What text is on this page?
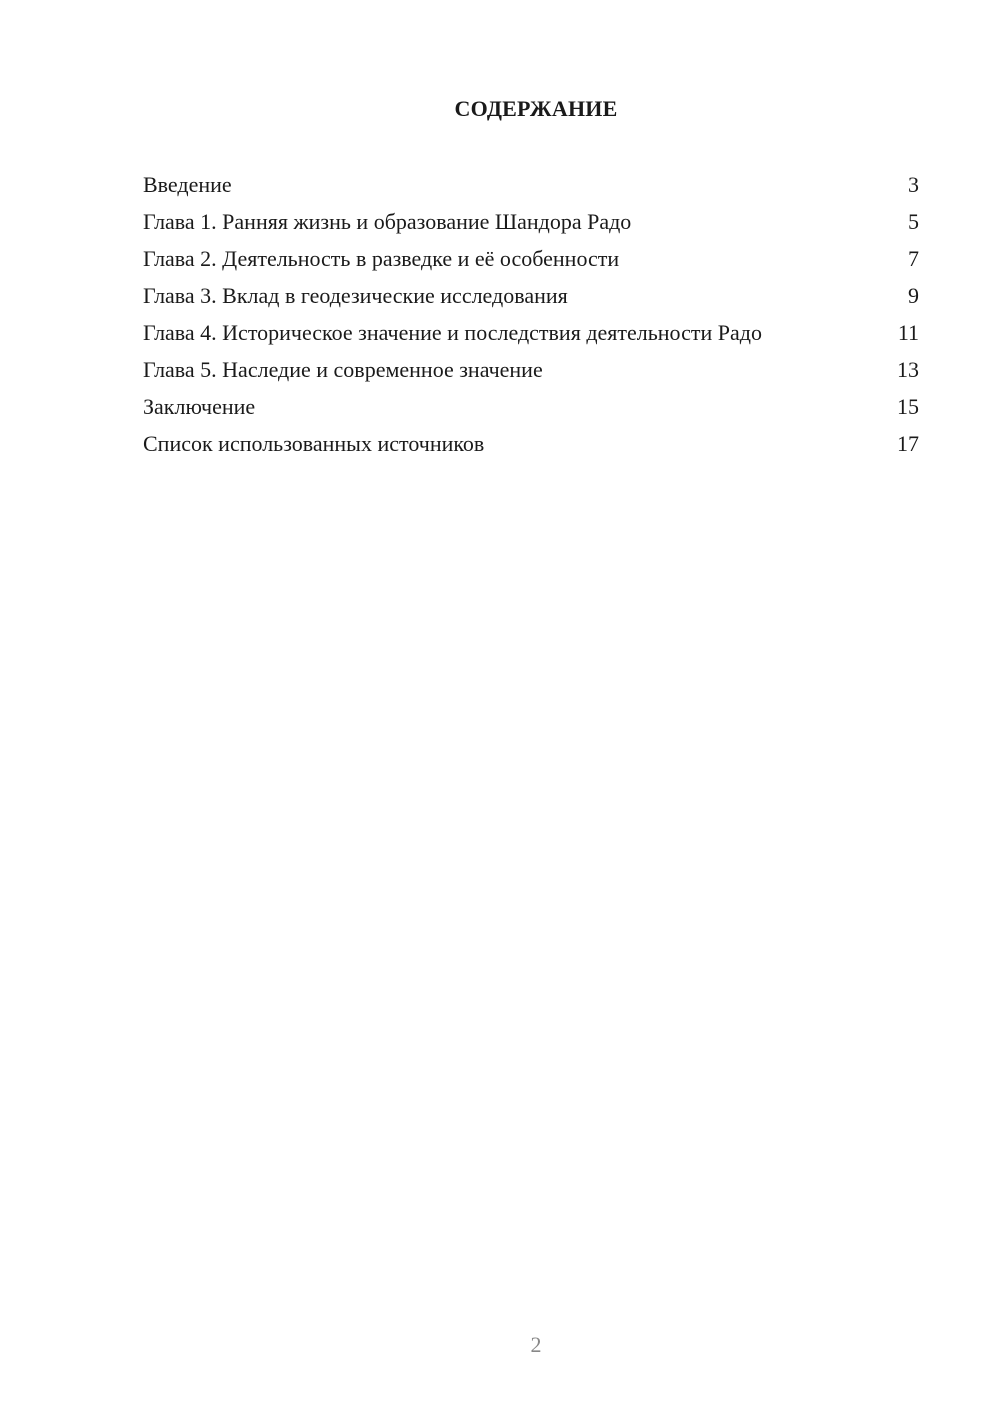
СОДЕРЖАНИЕ
Введение	3
Глава 1. Ранняя жизнь и образование Шандора Радо	5
Глава 2. Деятельность в разведке и её особенности	7
Глава 3. Вклад в геодезические исследования	9
Глава 4. Историческое значение и последствия деятельности Радо	11
Глава 5. Наследие и современное значение	13
Заключение	15
Список использованных источников	17
2
